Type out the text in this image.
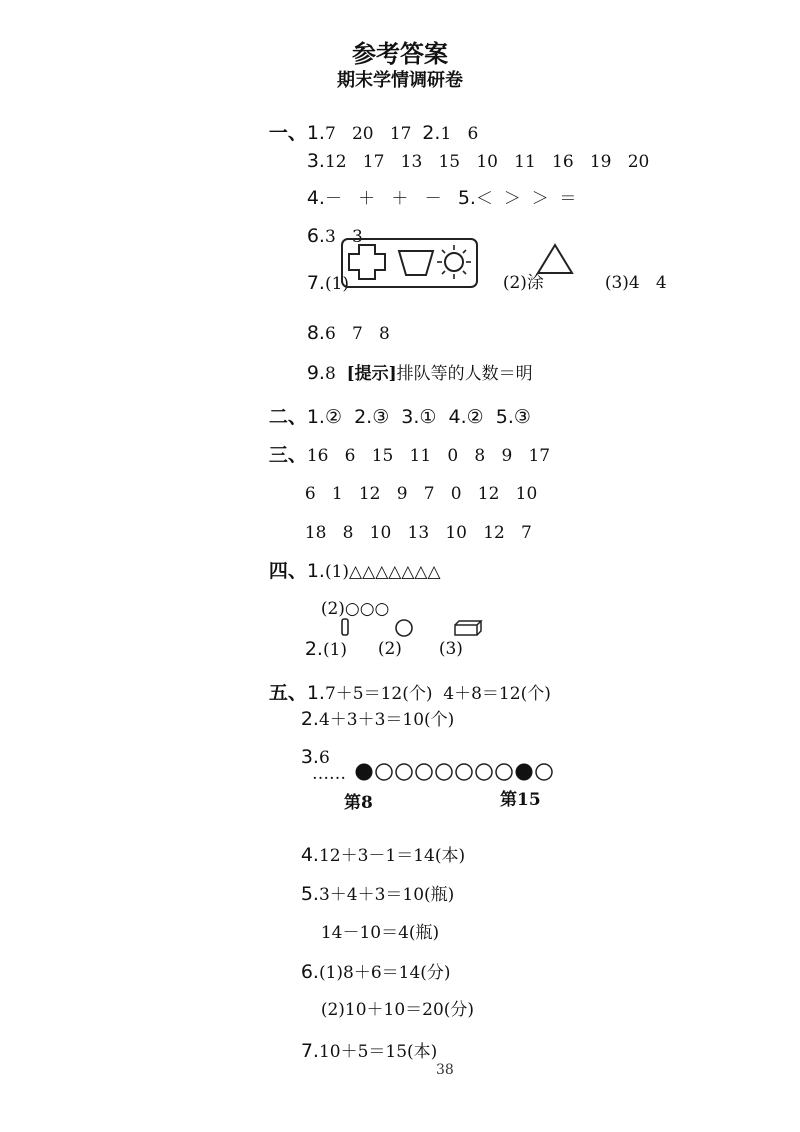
参考答案
期末学情调研卷

一、1.7   20   17 2.1   6

3.12   17   13   15   10   11   16   19   20

4.－   ＋   ＋   － 5.＜  ＞  ＞  ＝

6.3   3

7.(1)	(2)涂	(3)4   4

8.6   7   8

9.8  [提示]排队等的人数＝明

二、1.②  2.③  3.①  4.②  5.③

三、16   6   15   11   0   8   9   17

6   1   12   9   7   0   12   10

18   8   10   13   10   12   7

四、1.(1)△△△△△△△

(2)○○○

2.(1)	(2)	(3)

五、1.7＋5＝12(个)  4＋8＝12(个)

2.4＋3＋3＝10(个)

3.6

……
第8	第15

4.12＋3－1＝14(本)

5.3＋4＋3＝10(瓶)

14－10＝4(瓶)

6.(1)8＋6＝14(分)

(2)10＋10＝20(分)

7.10＋5＝15(本)

38
